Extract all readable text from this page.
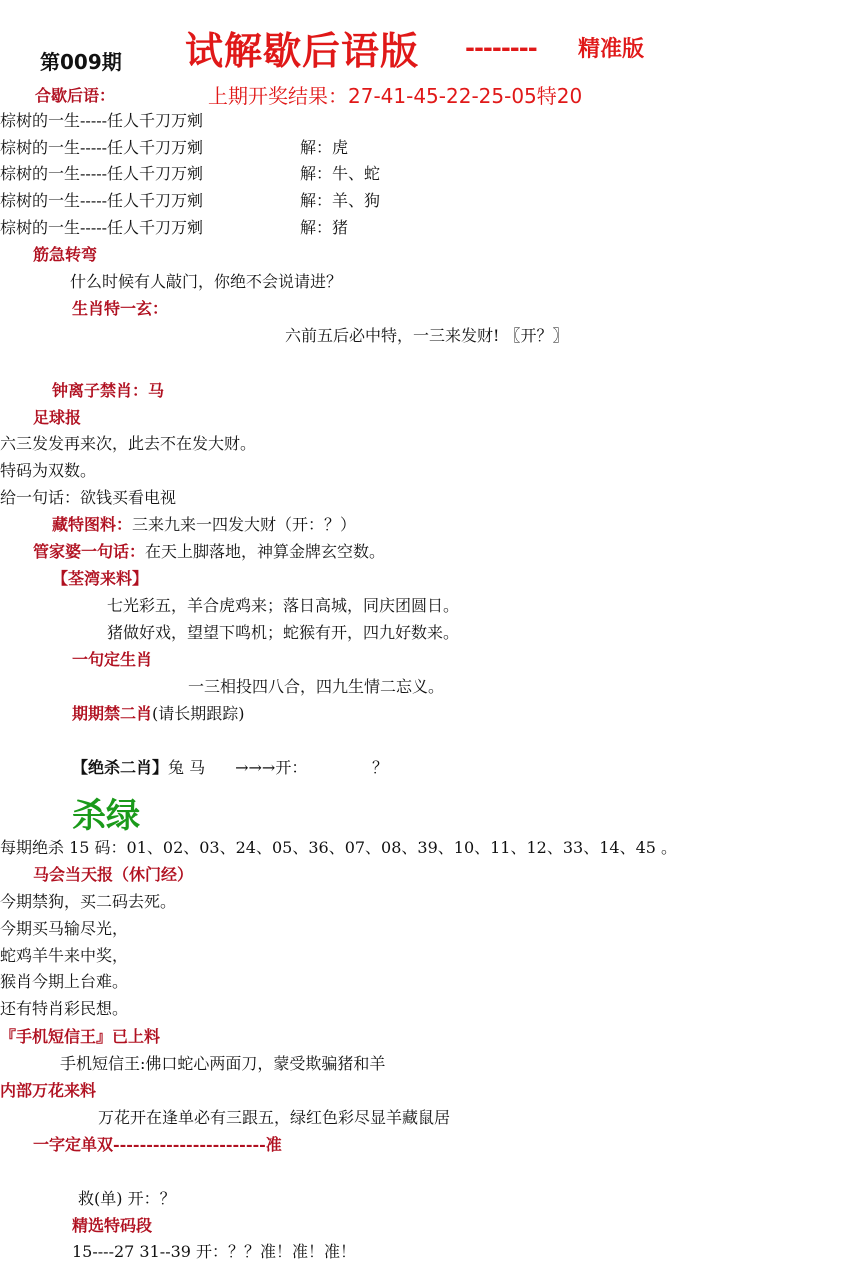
第009期 试解歇后语版 -------- 精准版
上期开奖结果：27-41-45-22-25-05特20
合歇后语：
棕树的一生-----任人千刀万剜
棕树的一生-----任人千刀万剜	解：虎
棕树的一生-----任人千刀万剜	解：牛、蛇
棕树的一生-----任人千刀万剜	解：羊、狗
棕树的一生-----任人千刀万剜	解：猪
筋急转弯
什么时候有人敲门，你绝不会说请进？
生肖特一玄：
六前五后必中特，一三来发财! 〖开？〗
钟离子禁肖：马
足球报
六三发发再来次，此去不在发大财。
特码为双数。
给一句话：欲钱买看电视
藏特图料：三来九来一四发大财（开：？）
管家婆一句话：在天上脚落地，神算金牌玄空数。
【荃湾来料】
七光彩五，羊合虎鸡来；落日高城，同庆团圆日。
猪做好戏，望望下鸣机；蛇猴有开，四九好数来。
一句定生肖
一三相投四八合，四九生情二忘义。
期期禁二肖(请长期跟踪)
【绝杀二肖】兔 马 →→→开：	？
杀绿
每期绝杀 15 码：01、02、03、24、05、36、07、08、39、10、11、12、33、14、45 。
马会当天报（休门经）
今期禁狗，买二码去死。
今期买马输尽光，
蛇鸡羊牛来中奖，
猴肖今期上台难。
还有特肖彩民想。
『手机短信王』已上料
手机短信王:佛口蛇心两面刀，蒙受欺骗猪和羊
内部万花来料
万花开在逢单必有三跟五，绿红色彩尽显羊藏鼠居
一字定单双-----------------------准
救(单) 开：？
精选特码段
15----27 31--39 开：？？准！准！准！
